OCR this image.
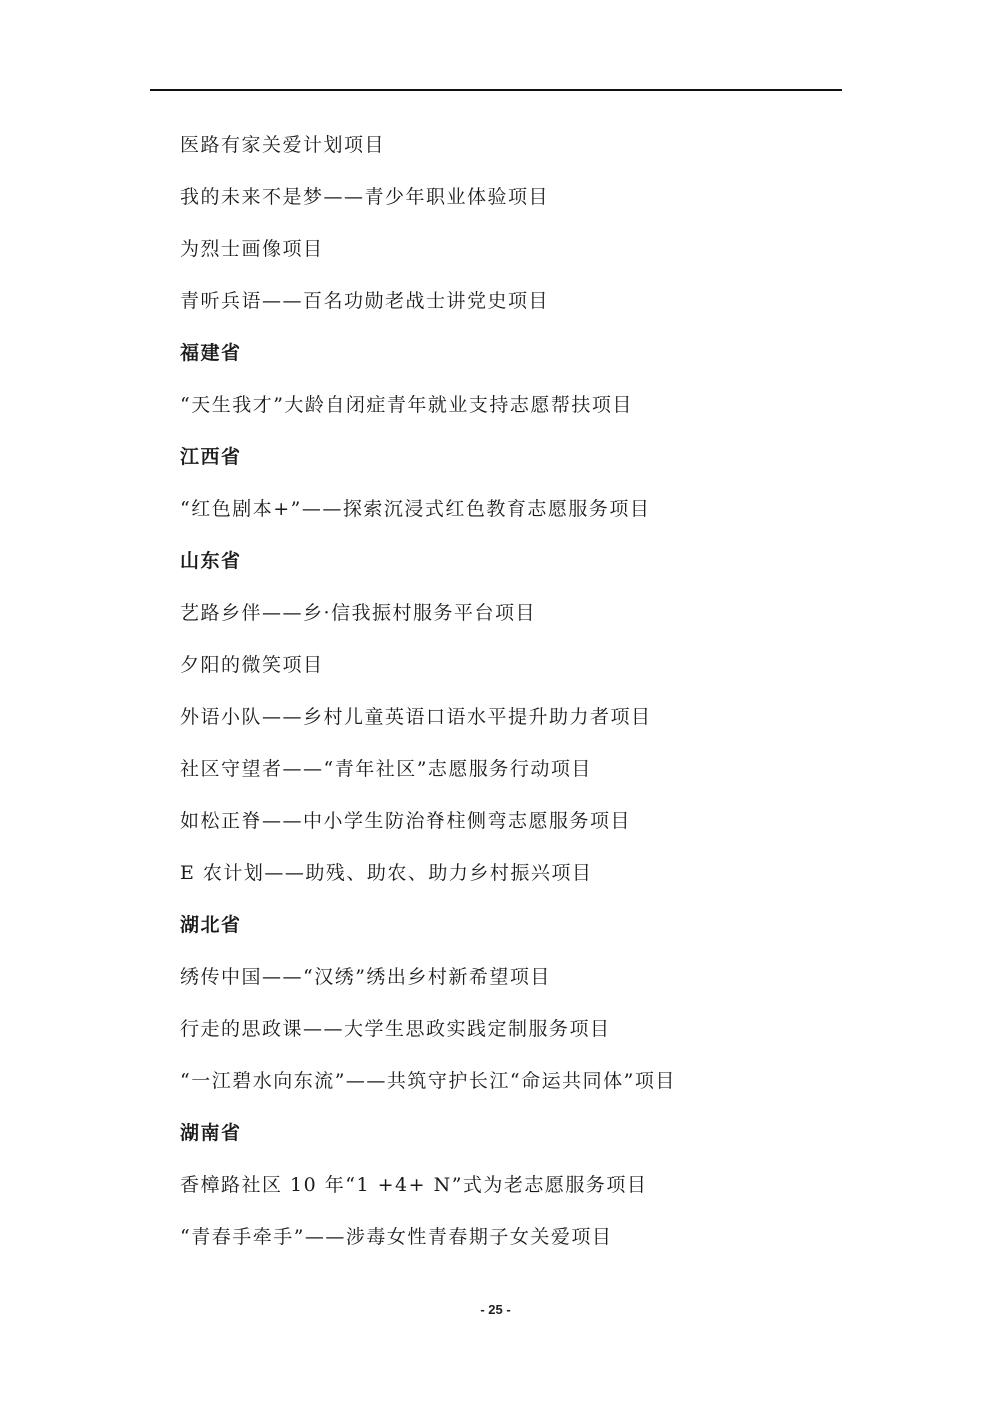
医路有家关爱计划项目
我的未来不是梦——青少年职业体验项目
为烈士画像项目
青听兵语——百名功勋老战士讲党史项目
福建省
“天生我才”大龄自闭症青年就业支持志愿帮扶项目
江西省
“红色剧本+”——探索沉浸式红色教育志愿服务项目
山东省
艺路乡伴——乡·信我振村服务平台项目
夕阳的微笑项目
外语小队——乡村儿童英语口语水平提升助力者项目
社区守望者——“青年社区”志愿服务行动项目
如松正脊——中小学生防治脊柱侧弯志愿服务项目
E 农计划——助残、助农、助力乡村振兴项目
湖北省
绣传中国——“汉绣”绣出乡村新希望项目
行走的思政课——大学生思政实践定制服务项目
“一江碧水向东流”——共筑守护长江“命运共同体”项目
湖南省
香樟路社区 10 年“1 +4+ N”式为老志愿服务项目
“青春手牵手”——涉毒女性青春期子女关爱项目
- 25 -
